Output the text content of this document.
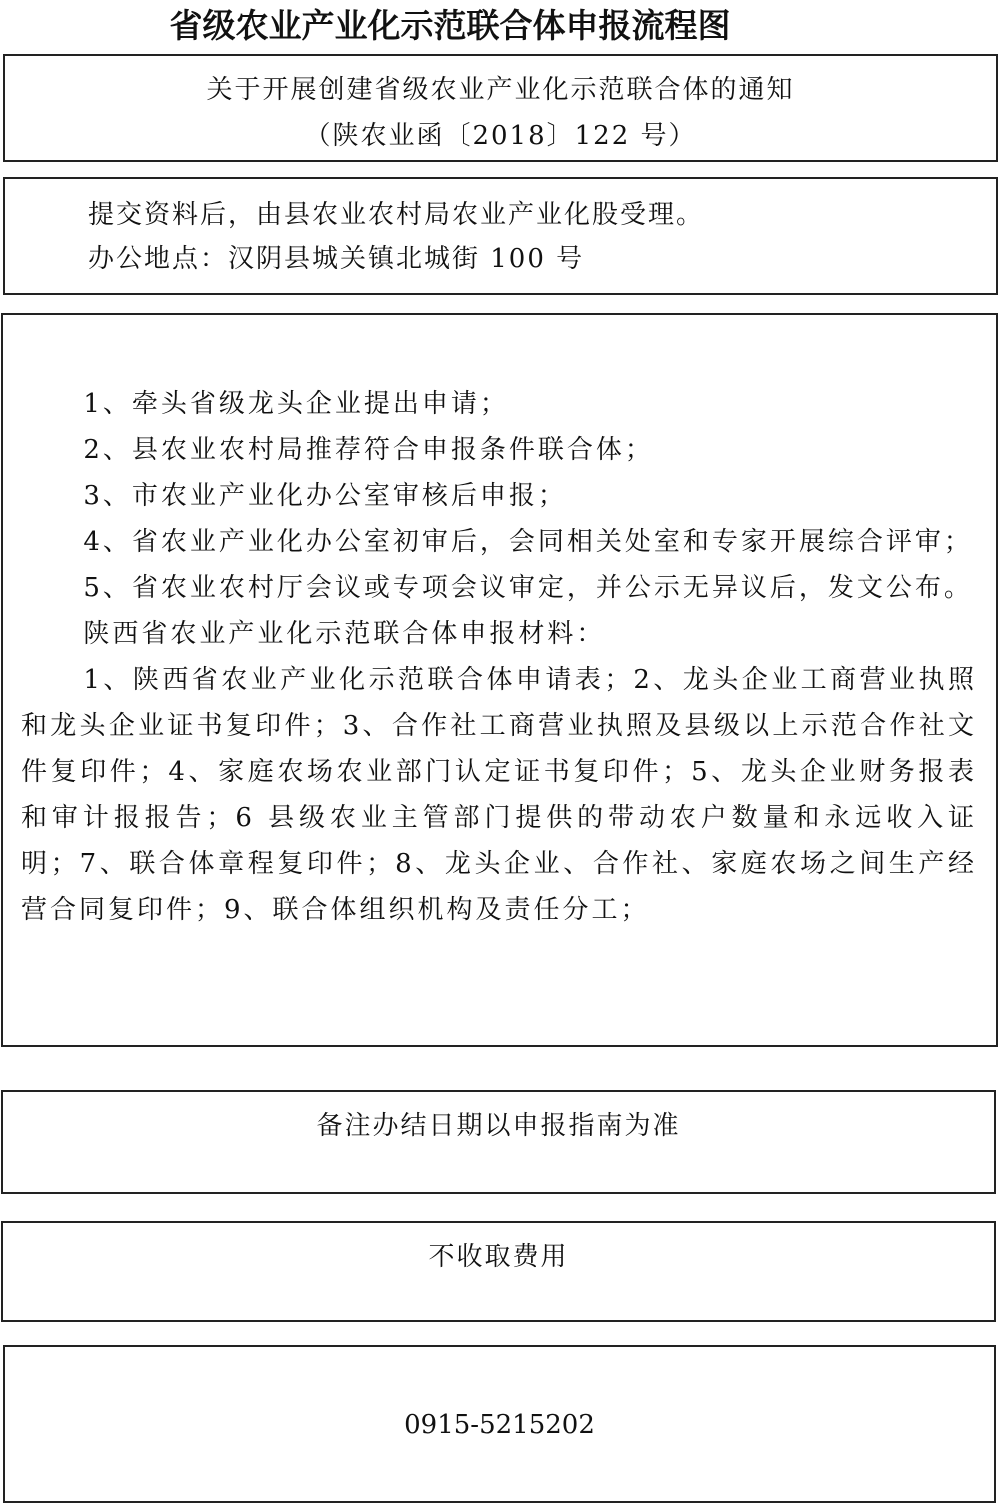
省级农业产业化示范联合体申报流程图
关于开展创建省级农业产业化示范联合体的通知
（陕农业函〔2018〕122 号）
提交资料后，由县农业农村局农业产业化股受理。
办公地点：汉阴县城关镇北城街 100 号

1、牵头省级龙头企业提出申请；

2、县农业农村局推荐符合申报条件联合体；

3、市农业产业化办公室审核后申报；

4、省农业产业化办公室初审后，会同相关处室和专家开展综合评审；

5、省农业农村厅会议或专项会议审定，并公示无异议后，发文公布。

陕西省农业产业化示范联合体申报材料：

1、陕西省农业产业化示范联合体申请表；2、龙头企业工商营业执照和龙头企业证书复印件；3、合作社工商营业执照及县级以上示范合作社文件复印件；4、家庭农场农业部门认定证书复印件；5、龙头企业财务报表和审计报报告；6 县级农业主管部门提供的带动农户数量和永远收入证明；7、联合体章程复印件；8、龙头企业、合作社、家庭农场之间生产经营合同复印件；9、联合体组织机构及责任分工；

备注办结日期以申报指南为准
不收取费用
0915-5215202
